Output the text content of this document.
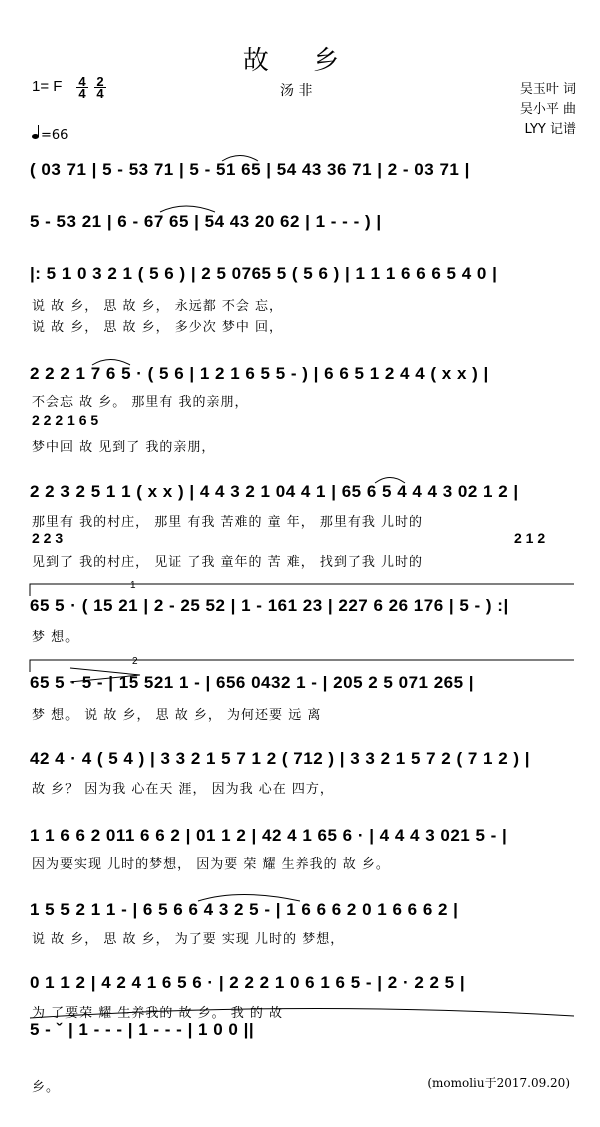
故 乡
1= F 4
4
2
4	汤 非	吴玉叶 词
吴小平 曲
LYY 记谱
=66
( 03 71 | 5 - 53 71 | 5 - 51 65 | 54 43 36 71 | 2 - 03 71 |
5 - 53 21 | 6 - 67 65 | 54 43 20 62 | 1 - - - ) |
|: 5 1 0 3 2 1 ( 5 6 ) | 2 5 0765 5 ( 5 6 ) | 1 1 1 6 6 6 5 4 0 |
说 故 乡， 思 故 乡， 永远都 不会 忘，
说 故 乡， 思 故 乡， 多少次 梦中 回，
2 2 2 1 7 6 5 · ( 5 6 | 1 2 1 6 5 5 - ) | 6 6 5 1 2 4 4 ( x x ) |
不会忘 故 乡。 那里有 我的亲朋，
2 2 2 1 6 5
梦中回 故 见到了 我的亲朋，
2 2 3 2 5 1 1 ( x x ) | 4 4 3 2 1 04 4 1 | 65 6 5 4 4 4 3 02 1 2 |
那里有 我的村庄， 那里 有我 苦难的 童 年， 那里有我 儿时的
2 2 3	2 1 2
见到了 我的村庄， 见证 了我 童年的 苦 难， 找到了我 儿时的
65 5 · ( 15 21 | 2 - 25 52 | 1 - 161 23 | 227 6 26 176 | 5 - ) :|
梦 想。
65 5 · 5 - | 15 521 1 - | 656 0432 1 - | 205 2 5 071 265 |
梦 想。 说 故 乡， 思 故 乡， 为何还要 远 离
42 4 · 4 ( 5 4 ) | 3 3 2 1 5 7 1 2 ( 712 ) | 3 3 2 1 5 7 2 ( 7 1 2 ) |
故 乡？ 因为我 心在天 涯， 因为我 心在 四方，
1 1 6 6 2 011 6 6 2 | 01 1 2 | 42 4 1 65 6 · | 4 4 4 3 021 5 - |
因为要实现 儿时的梦想， 因为要 荣 耀 生养我的 故 乡。
1 5 5 2 1 1 - | 6 5 6 6 4 3 2 5 - | 1 6 6 6 2 0 1 6 6 6 2 |
说 故 乡， 思 故 乡， 为了要 实现 儿时的 梦想，
0 1 1 2 | 4 2 4 1 6 5 6 · | 2 2 2 1 0 6 1 6 5 - | 2 · 2 2 5 |
为 了要荣 耀 生养我的 故 乡。 我 的 故
5 - ˇ | 1 - - - | 1 - - - | 1 0 0 ||
乡。	(momoliu于2017.09.20)
1
2
